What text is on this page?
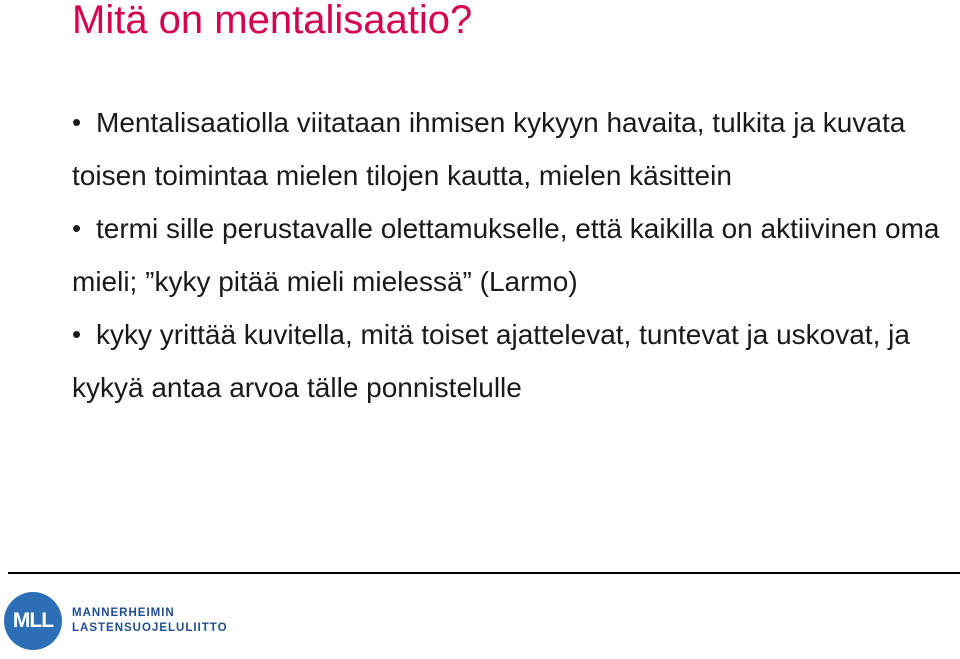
Mitä on mentalisaatio?

• Mentalisaatiolla viitataan ihmisen kykyyn havaita, tulkita ja kuvata toisen toimintaa mielen tilojen kautta, mielen käsittein

• termi sille perustavalle olettamukselle, että kaikilla on aktiivinen oma mieli; ”kyky pitää mieli mielessä” (Larmo)

• kyky yrittää kuvitella, mitä toiset ajattelevat, tuntevat ja uskovat, ja kykyä antaa arvoa tälle ponnistelulle

MLL	MANNERHEIMIN
LASTENSUOJELULIITTO
